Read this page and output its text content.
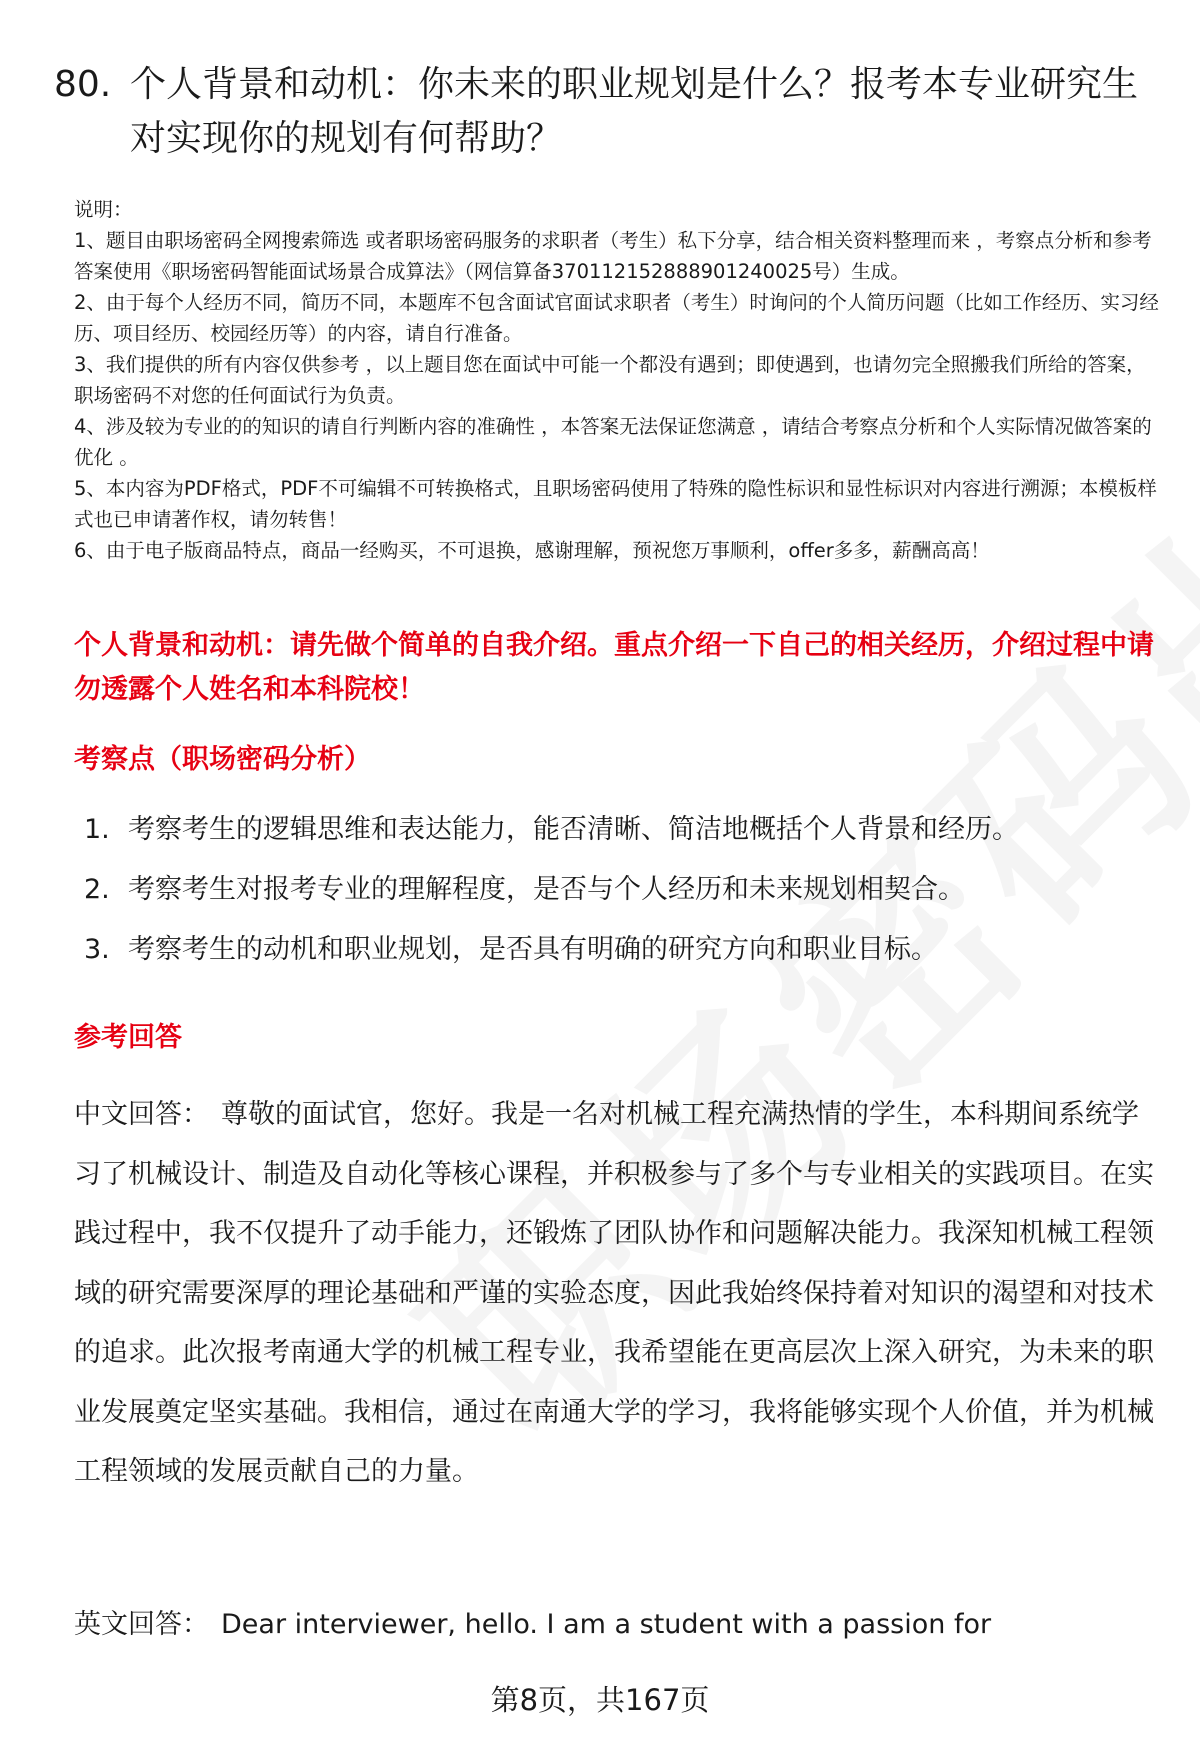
80. 个人背景和动机：你未来的职业规划是什么？报考本专业研究生对实现你的规划有何帮助？

说明：

1、题目由职场密码全网搜索筛选 或者职场密码服务的求职者（考生）私下分享，结合相关资料整理而来 ，考察点分析和参考答案使用《职场密码智能面试场景合成算法》（网信算备370112152888901240025号）生成。

2、由于每个人经历不同，简历不同，本题库不包含面试官面试求职者（考生）时询问的个人简历问题（比如工作经历、实习经历、项目经历、校园经历等）的内容，请自行准备。

3、我们提供的所有内容仅供参考 ，以上题目您在面试中可能一个都没有遇到；即使遇到，也请勿完全照搬我们所给的答案，职场密码不对您的任何面试行为负责。

4、涉及较为专业的的知识的请自行判断内容的准确性 ，本答案无法保证您满意 ，请结合考察点分析和个人实际情况做答案的优化 。

5、本内容为PDF格式，PDF不可编辑不可转换格式，且职场密码使用了特殊的隐性标识和显性标识对内容进行溯源；本模板样式也已申请著作权，请勿转售！

6、由于电子版商品特点，商品一经购买，不可退换，感谢理解，预祝您万事顺利，offer多多，薪酬高高！

个人背景和动机：请先做个简单的自我介绍。重点介绍一下自己的相关经历，介绍过程中请勿透露个人姓名和本科院校！
考察点（职场密码分析）
1. 考察考生的逻辑思维和表达能力，能否清晰、简洁地概括个人背景和经历。
2. 考察考生对报考专业的理解程度，是否与个人经历和未来规划相契合。
3. 考察考生的动机和职业规划，是否具有明确的研究方向和职业目标。
参考回答

中文回答： 尊敬的面试官，您好。我是一名对机械工程充满热情的学生，本科期间系统学习了机械设计、制造及自动化等核心课程，并积极参与了多个与专业相关的实践项目。在实践过程中，我不仅提升了动手能力，还锻炼了团队协作和问题解决能力。我深知机械工程领域的研究需要深厚的理论基础和严谨的实验态度，因此我始终保持着对知识的渴望和对技术的追求。此次报考南通大学的机械工程专业，我希望能在更高层次上深入研究，为未来的职业发展奠定坚实基础。我相信，通过在南通大学的学习，我将能够实现个人价值，并为机械工程领域的发展贡献自己的力量。

英文回答： Dear interviewer, hello. I am a student with a passion for

第8页，共167页
